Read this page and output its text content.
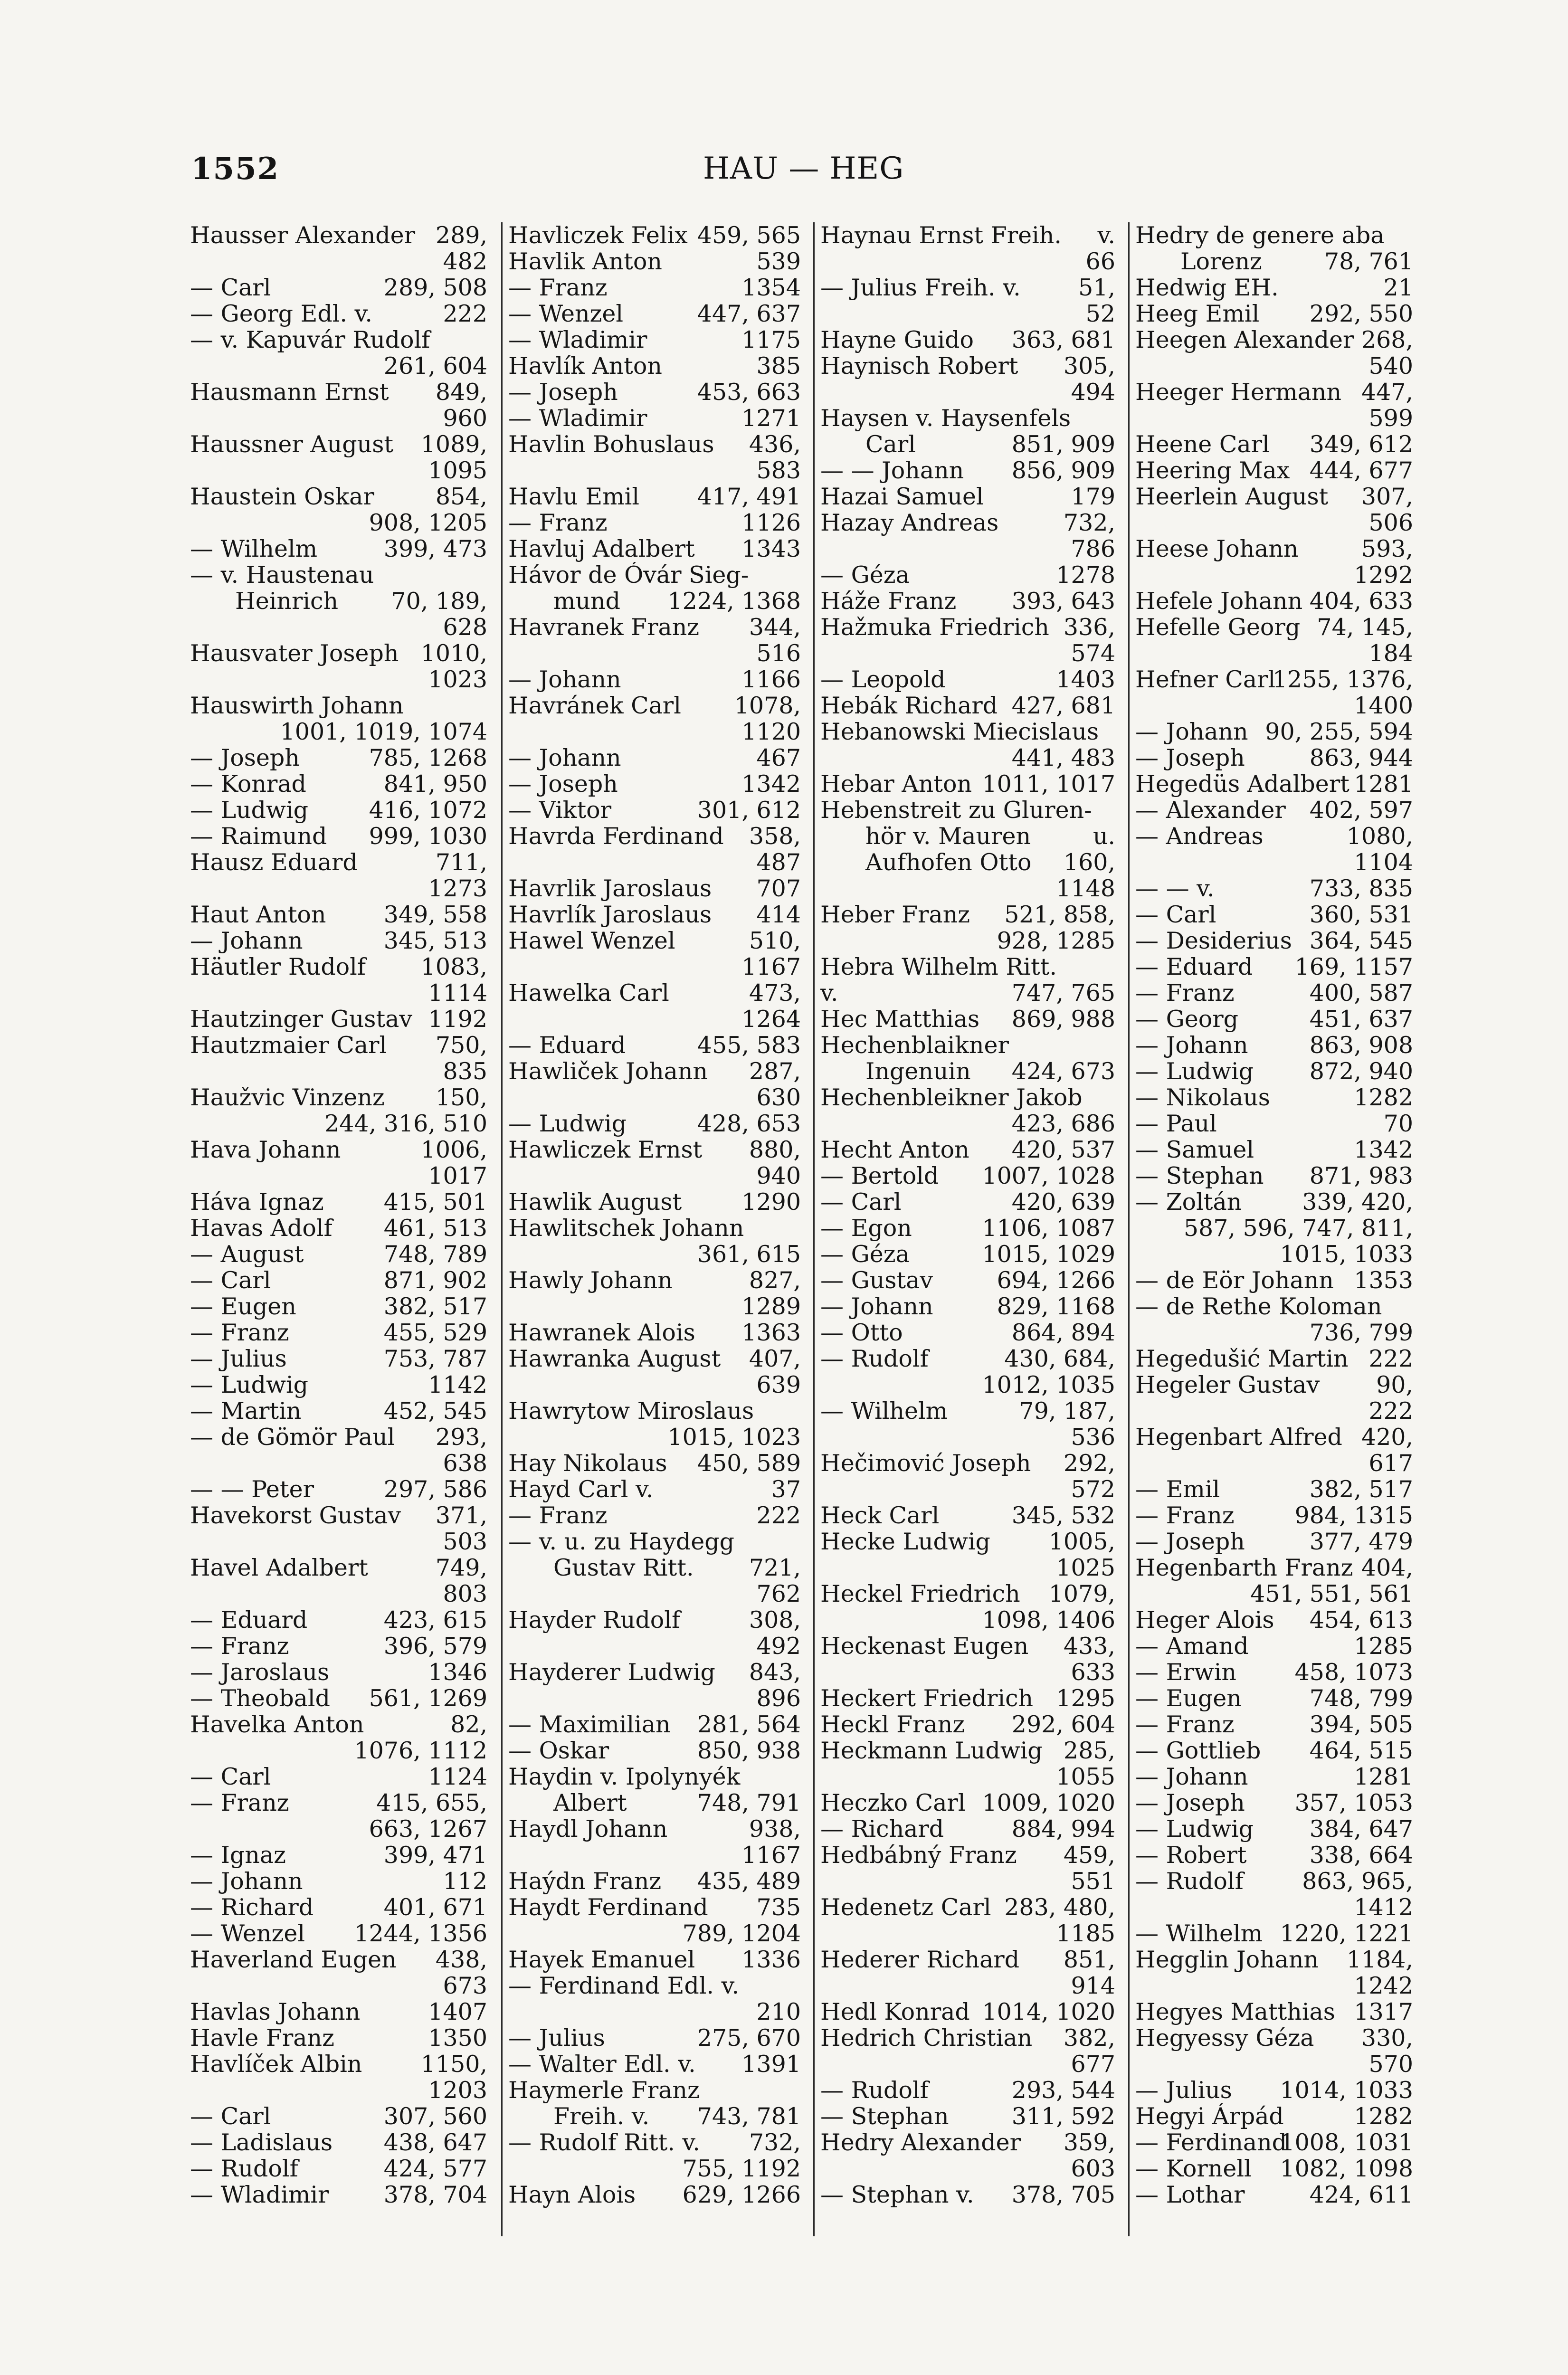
1552	HAU — HEG
289,
Hausser Alexander
482
289, 508
— Carl
222
— Georg Edl. v.
— v. Kapuvár Rudolf
261, 604
849,
Hausmann Ernst
960
1089,
Haussner August
1095
854,
Haustein Oskar
908, 1205
399, 473
— Wilhelm
— v. Haustenau
70, 189,
Heinrich
628
1010,
Hausvater Joseph
1023
Hauswirth Johann
1001, 1019, 1074
785, 1268
— Joseph
841, 950
— Konrad
416, 1072
— Ludwig
999, 1030
— Raimund
711,
Hausz Eduard
1273
349, 558
Haut Anton
345, 513
— Johann
1083,
Häutler Rudolf
1114
1192
Hautzinger Gustav
750,
Hautzmaier Carl
835
150,
Haužvic Vinzenz
244, 316, 510
1006,
Hava Johann
1017
415, 501
Háva Ignaz
461, 513
Havas Adolf
748, 789
— August
871, 902
— Carl
382, 517
— Eugen
455, 529
— Franz
753, 787
— Julius
1142
— Ludwig
452, 545
— Martin
293,
— de Gömör Paul
638
297, 586
— — Peter
371,
Havekorst Gustav
503
749,
Havel Adalbert
803
423, 615
— Eduard
396, 579
— Franz
1346
— Jaroslaus
561, 1269
— Theobald
82,
Havelka Anton
1076, 1112
1124
— Carl
415, 655,
— Franz
663, 1267
399, 471
— Ignaz
112
— Johann
401, 671
— Richard
1244, 1356
— Wenzel
438,
Haverland Eugen
673
1407
Havlas Johann
1350
Havle Franz
1150,
Havlíček Albin
1203
307, 560
— Carl
438, 647
— Ladislaus
424, 577
— Rudolf
378, 704
— Wladimir
459, 565
Havliczek Felix
539
Havlik Anton
1354
— Franz
447, 637
— Wenzel
1175
— Wladimir
385
Havlík Anton
453, 663
— Joseph
1271
— Wladimir
436,
Havlin Bohuslaus
583
417, 491
Havlu Emil
1126
— Franz
1343
Havluj Adalbert
Hávor de Óvár Sieg-
1224, 1368
mund
344,
Havranek Franz
516
1166
— Johann
1078,
Havránek Carl
1120
467
— Johann
1342
— Joseph
301, 612
— Viktor
358,
Havrda Ferdinand
487
707
Havrlik Jaroslaus
414
Havrlík Jaroslaus
510,
Hawel Wenzel
1167
473,
Hawelka Carl
1264
455, 583
— Eduard
287,
Hawliček Johann
630
428, 653
— Ludwig
880,
Hawliczek Ernst
940
1290
Hawlik August
Hawlitschek Johann
361, 615
827,
Hawly Johann
1289
1363
Hawranek Alois
407,
Hawranka August
639
Hawrytow Miroslaus
1015, 1023
450, 589
Hay Nikolaus
37
Hayd Carl v.
222
— Franz
— v. u. zu Haydegg
721,
Gustav Ritt.
762
308,
Hayder Rudolf
492
843,
Hayderer Ludwig
896
281, 564
— Maximilian
850, 938
— Oskar
Haydin v. Ipolynyék
748, 791
Albert
938,
Haydl Johann
1167
435, 489
Haýdn Franz
735
Haydt Ferdinand
789, 1204
1336
Hayek Emanuel
— Ferdinand Edl. v.
210
275, 670
— Julius
1391
— Walter Edl. v.
Haymerle Franz
743, 781
Freih. v.
732,
— Rudolf Ritt. v.
755, 1192
629, 1266
Hayn Alois
v.
Haynau Ernst Freih.
66
51,
— Julius Freih. v.
52
363, 681
Hayne Guido
305,
Haynisch Robert
494
Haysen v. Haysenfels
851, 909
Carl
856, 909
— — Johann
179
Hazai Samuel
732,
Hazay Andreas
786
1278
— Géza
393, 643
Háže Franz
336,
Hažmuka Friedrich
574
1403
— Leopold
427, 681
Hebák Richard
Hebanowski Miecislaus
441, 483
1011, 1017
Hebar Anton
Hebenstreit zu Gluren-
u.
hör v. Mauren
160,
Aufhofen Otto
1148
521, 858,
Heber Franz
928, 1285
Hebra Wilhelm Ritt.
747, 765
v.
869, 988
Hec Matthias
Hechenblaikner
424, 673
Ingenuin
Hechenbleikner Jakob
423, 686
420, 537
Hecht Anton
1007, 1028
— Bertold
420, 639
— Carl
1106, 1087
— Egon
1015, 1029
— Géza
694, 1266
— Gustav
829, 1168
— Johann
864, 894
— Otto
430, 684,
— Rudolf
1012, 1035
79, 187,
— Wilhelm
536
292,
Hečimović Joseph
572
345, 532
Heck Carl
1005,
Hecke Ludwig
1025
1079,
Heckel Friedrich
1098, 1406
433,
Heckenast Eugen
633
1295
Heckert Friedrich
292, 604
Heckl Franz
285,
Heckmann Ludwig
1055
1009, 1020
Heczko Carl
884, 994
— Richard
459,
Hedbábný Franz
551
283, 480,
Hedenetz Carl
1185
851,
Hederer Richard
914
1014, 1020
Hedl Konrad
382,
Hedrich Christian
677
293, 544
— Rudolf
311, 592
— Stephan
359,
Hedry Alexander
603
378, 705
— Stephan v.
Hedry de genere aba
78, 761
Lorenz
21
Hedwig EH.
292, 550
Heeg Emil
268,
Heegen Alexander
540
447,
Heeger Hermann
599
349, 612
Heene Carl
444, 677
Heering Max
307,
Heerlein August
506
593,
Heese Johann
1292
404, 633
Hefele Johann
74, 145,
Hefelle Georg
184
1255, 1376,
Hefner Carl
1400
90, 255, 594
— Johann
863, 944
— Joseph
1281
Hegedüs Adalbert
402, 597
— Alexander
1080,
— Andreas
1104
733, 835
— — v.
360, 531
— Carl
364, 545
— Desiderius
169, 1157
— Eduard
400, 587
— Franz
451, 637
— Georg
863, 908
— Johann
872, 940
— Ludwig
1282
— Nikolaus
70
— Paul
1342
— Samuel
871, 983
— Stephan
339, 420,
— Zoltán
587, 596, 747, 811,
1015, 1033
1353
— de Eör Johann
— de Rethe Koloman
736, 799
222
Hegedušić Martin
90,
Hegeler Gustav
222
420,
Hegenbart Alfred
617
382, 517
— Emil
984, 1315
— Franz
377, 479
— Joseph
404,
Hegenbarth Franz
451, 551, 561
454, 613
Heger Alois
1285
— Amand
458, 1073
— Erwin
748, 799
— Eugen
394, 505
— Franz
464, 515
— Gottlieb
1281
— Johann
357, 1053
— Joseph
384, 647
— Ludwig
338, 664
— Robert
863, 965,
— Rudolf
1412
1220, 1221
— Wilhelm
1184,
Hegglin Johann
1242
1317
Hegyes Matthias
330,
Hegyessy Géza
570
1014, 1033
— Julius
1282
Hegyi Árpád
1008, 1031
— Ferdinand
1082, 1098
— Kornell
424, 611
— Lothar
